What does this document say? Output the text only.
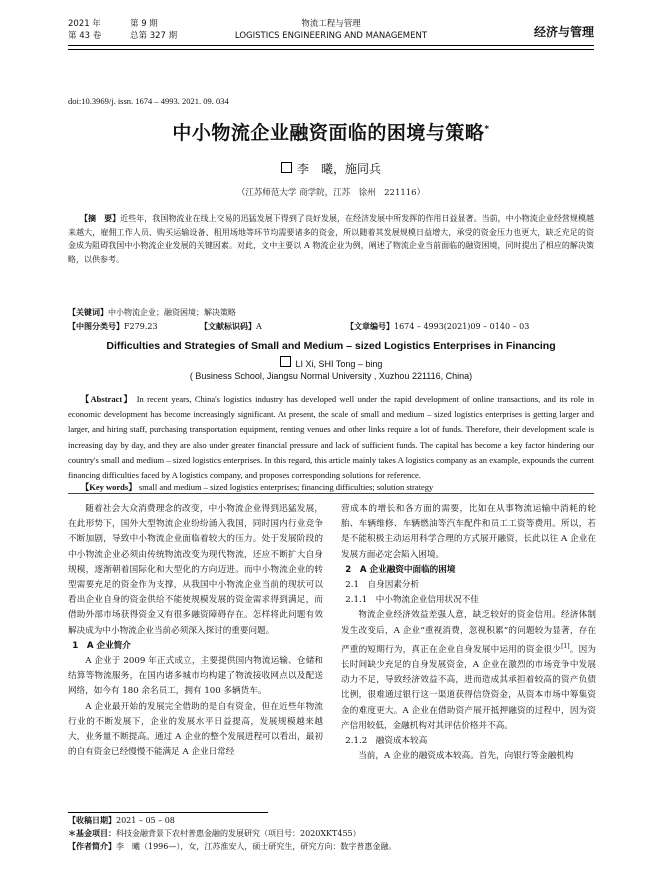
2021 年	第 9 期
第 43 卷	总第 327 期
物流工程与管理
LOGISTICS ENGINEERING AND MANAGEMENT	经济与管理
doi:10.3969/j. issn. 1674 – 4993. 2021. 09. 034
中小物流企业融资面临的困境与策略*
李　曦，施同兵
（江苏师范大学 商学院，江苏　徐州　221116）
【摘　要】近些年，我国物流业在线上交易的迅猛发展下得到了良好发展，在经济发展中所发挥的作用日益显著。当前，中小物流企业经营规模越来越大，雇佣工作人员、购买运输设备、租用场地等环节均需要诸多的资金，所以随着其发展规模日益增大，承受的资金压力也更大，缺乏充足的资金成为阻碍我国中小物流企业发展的关键因素。对此，文中主要以 A 物流企业为例，阐述了物流企业当前面临的融资困境，同时提出了相应的解决策略，以供参考。
【关键词】中小物流企业；融资困境；解决策略
【中图分类号】F279.23	【文献标识码】A	【文章编号】1674 – 4993(2021)09 – 0140 – 03
Difficulties and Strategies of Small and Medium – sized Logistics Enterprises in Financing
LI Xi, SHI Tong – bing
( Business School, Jiangsu Normal University , Xuzhou 221116, China)
【Abstract】 In recent years, China's logistics industry has developed well under the rapid development of online transactions, and its role in economic development has become increasingly significant. At present, the scale of small and medium – sized logistics enterprises is getting larger and larger, and hiring staff, purchasing transportation equipment, renting venues and other links require a lot of funds. Therefore, their development scale is increasing day by day, and they are also under greater financial pressure and lack of sufficient funds. The capital has become a key factor hindering our country's small and medium – sized logistics enterprises. In this regard, this article mainly takes A logistics company as an example, expounds the current financing difficulties faced by A logistics company, and proposes corresponding solutions for reference.
【Key words】 small and medium – sized logistics enterprises; financing difficulties; solution strategy

随着社会大众消费理念的改变，中小物流企业得到迅猛发展，在此形势下，国外大型物流企业纷纷涌入我国，同时国内行业竞争不断加剧，导致中小物流企业面临着较大的压力。处于发展阶段的中小物流企业必须由传统物流改变为现代物流，还应不断扩大自身规模，逐渐朝着国际化和大型化的方向迈进。而中小物流企业的转型需要充足的资金作为支撑，从我国中小物流企业当前的现状可以看出企业自身的资金供给不能使规模发展的资金需求得到满足，而借助外部市场获得资金又有很多融资障碍存在。怎样将此问题有效解决成为中小物流企业当前必须深入探讨的重要问题。

1　A 企业简介

A 企业于 2009 年正式成立，主要提供国内物流运输、仓储和结算等物流服务，在国内诸多城市均构建了物流接收网点以及配送网络，如今有 180 余名员工，拥有 100 多辆货车。

A 企业最开始的发展完全借助的是自有资金，但在近些年物流行业的不断发展下，企业的发展水平日益提高，发展规模越来越大，业务量不断提高。通过 A 企业的整个发展进程可以看出，最初的自有资金已经慢慢不能满足 A 企业日常经

营成本的增长和各方面的需要，比如在从事物流运输中消耗的轮胎、车辆维修、车辆燃油等汽车配件和员工工资等费用。所以，若是不能积极主动运用科学合理的方式展开融资，长此以往 A 企业在发展方面必定会陷入困境。

2　A 企业融资中面临的困境

2.1　自身因素分析

2.1.1　中小物流企业信用状况不佳

物流企业经济效益差强人意，缺乏较好的资金信用。经济体制发生改变后，A 企业“重视消费，忽视积累”的问题较为显著，存在严重的短期行为，真正在企业自身发展中运用的资金很少[1]。因为长时间缺少充足的自身发展资金，A 企业在激烈的市场竞争中发展动力不足，导致经济效益不高，进而造成其承担着较高的资产负债比例，很难通过银行这一渠道获得信贷资金，从资本市场中筹集资金的难度更大。A 企业在借助资产展开抵押融资的过程中，因为资产信用较低，金融机构对其评估价格并不高。

2.1.2　融资成本较高

当前，A 企业的融资成本较高。首先，向银行等金融机构

【收稿日期】2021 – 05 – 08
＊基金项目：科技金融背景下农村普惠金融的发展研究（项目号：2020XKT455）
【作者简介】李　曦（1996—），女，江苏淮安人，硕士研究生，研究方向：数字普惠金融。
